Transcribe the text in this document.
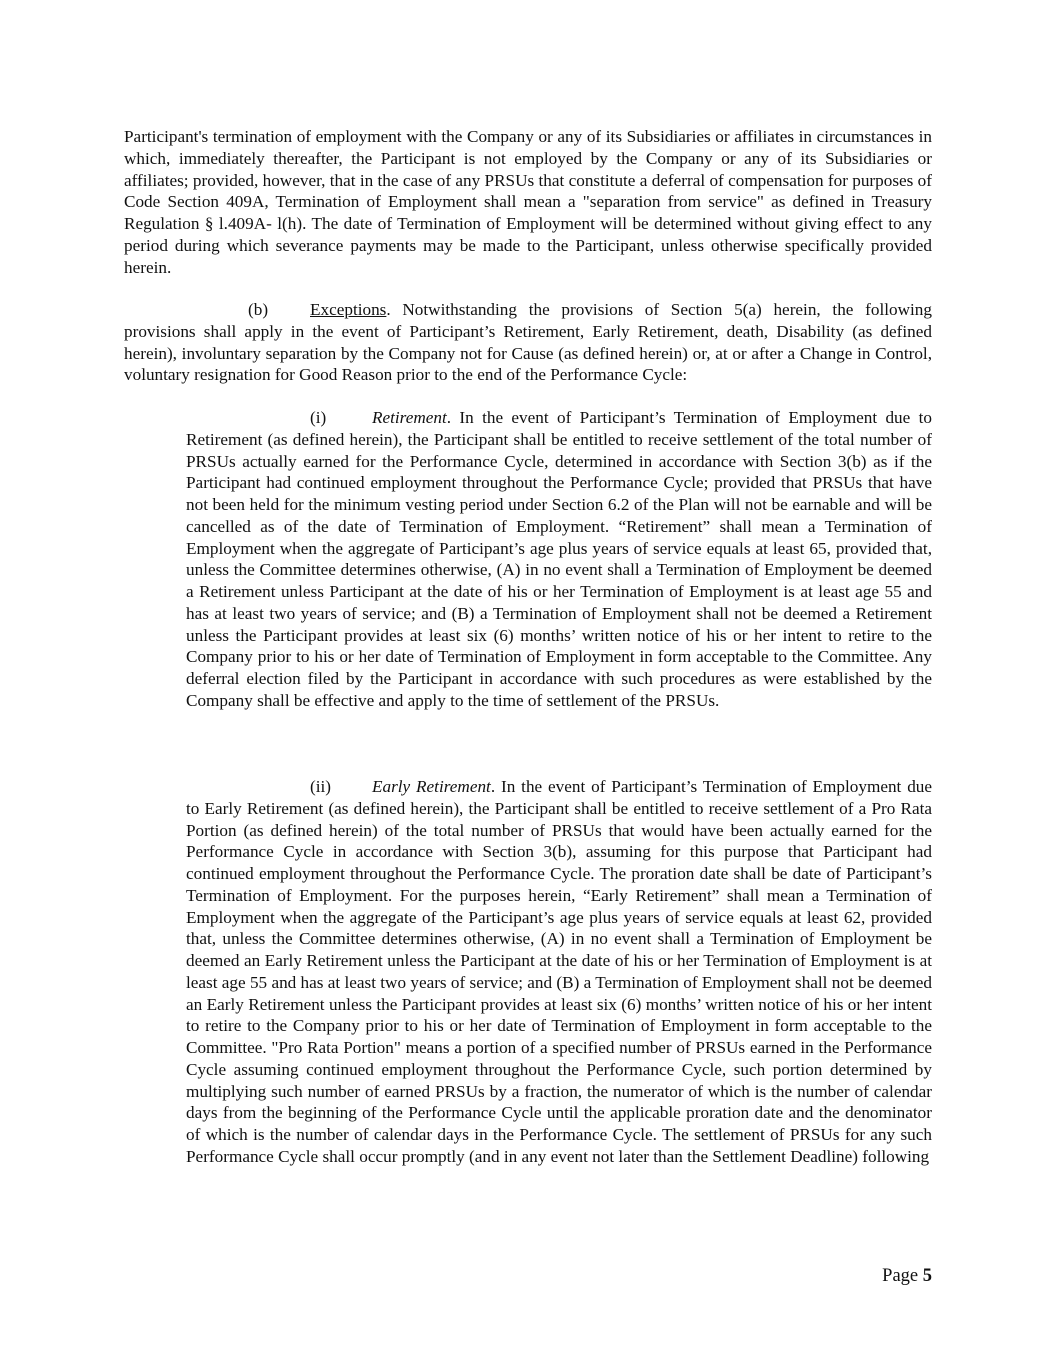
Participant's termination of employment with the Company or any of its Subsidiaries or affiliates in circumstances in which, immediately thereafter, the Participant is not employed by the Company or any of its Subsidiaries or affiliates; provided, however, that in the case of any PRSUs that constitute a deferral of compensation for purposes of Code Section 409A, Termination of Employment shall mean a "separation from service" as defined in Treasury Regulation § l.409A- l(h). The date of Termination of Employment will be determined without giving effect to any period during which severance payments may be made to the Participant, unless otherwise specifically provided herein.

(b) Exceptions. Notwithstanding the provisions of Section 5(a) herein, the following provisions shall apply in the event of Participant’s Retirement, Early Retirement, death, Disability (as defined herein), involuntary separation by the Company not for Cause (as defined herein) or, at or after a Change in Control, voluntary resignation for Good Reason prior to the end of the Performance Cycle:

(i)	Retirement. In the event of Participant’s Termination of Employment due to Retirement (as defined herein), the Participant shall be entitled to receive settlement of the total number of PRSUs actually earned for the Performance Cycle, determined in accordance with Section 3(b) as if the Participant had continued employment throughout the Performance Cycle; provided that PRSUs that have not been held for the minimum vesting period under Section 6.2 of the Plan will not be earnable and will be cancelled as of the date of Termination of Employment. “Retirement” shall mean a Termination of Employment when the aggregate of Participant’s age plus years of service equals at least 65, provided that, unless the Committee determines otherwise, (A) in no event shall a Termination of Employment be deemed a Retirement unless Participant at the date of his or her Termination of Employment is at least age 55 and has at least two years of service; and (B) a Termination of Employment shall not be deemed a Retirement unless the Participant provides at least six (6) months’ written notice of his or her intent to retire to the Company prior to his or her date of Termination of Employment in form acceptable to the Committee. Any deferral election filed by the Participant in accordance with such procedures as were established by the Company shall be effective and apply to the time of settlement of the PRSUs.

(ii) Early Retirement. In the event of Participant’s Termination of Employment due to Early Retirement (as defined herein), the Participant shall be entitled to receive settlement of a Pro Rata Portion (as defined herein) of the total number of PRSUs that would have been actually earned for the Performance Cycle in accordance with Section 3(b), assuming for this purpose that Participant had continued employment throughout the Performance Cycle. The proration date shall be date of Participant’s Termination of Employment. For the purposes herein, “Early Retirement” shall mean a Termination of Employment when the aggregate of the Participant’s age plus years of service equals at least 62, provided that, unless the Committee determines otherwise, (A) in no event shall a Termination of Employment be deemed an Early Retirement unless the Participant at the date of his or her Termination of Employment is at least age 55 and has at least two years of service; and (B) a Termination of Employment shall not be deemed an Early Retirement unless the Participant provides at least six (6) months’ written notice of his or her intent to retire to the Company prior to his or her date of Termination of Employment in form acceptable to the Committee. "Pro Rata Portion" means a portion of a specified number of PRSUs earned in the Performance Cycle assuming continued employment throughout the Performance Cycle, such portion determined by multiplying such number of earned PRSUs by a fraction, the numerator of which is the number of calendar days from the beginning of the Performance Cycle until the applicable proration date and the denominator of which is the number of calendar days in the Performance Cycle. The settlement of PRSUs for any such Performance Cycle shall occur promptly (and in any event not later than the Settlement Deadline) following

Page 5
